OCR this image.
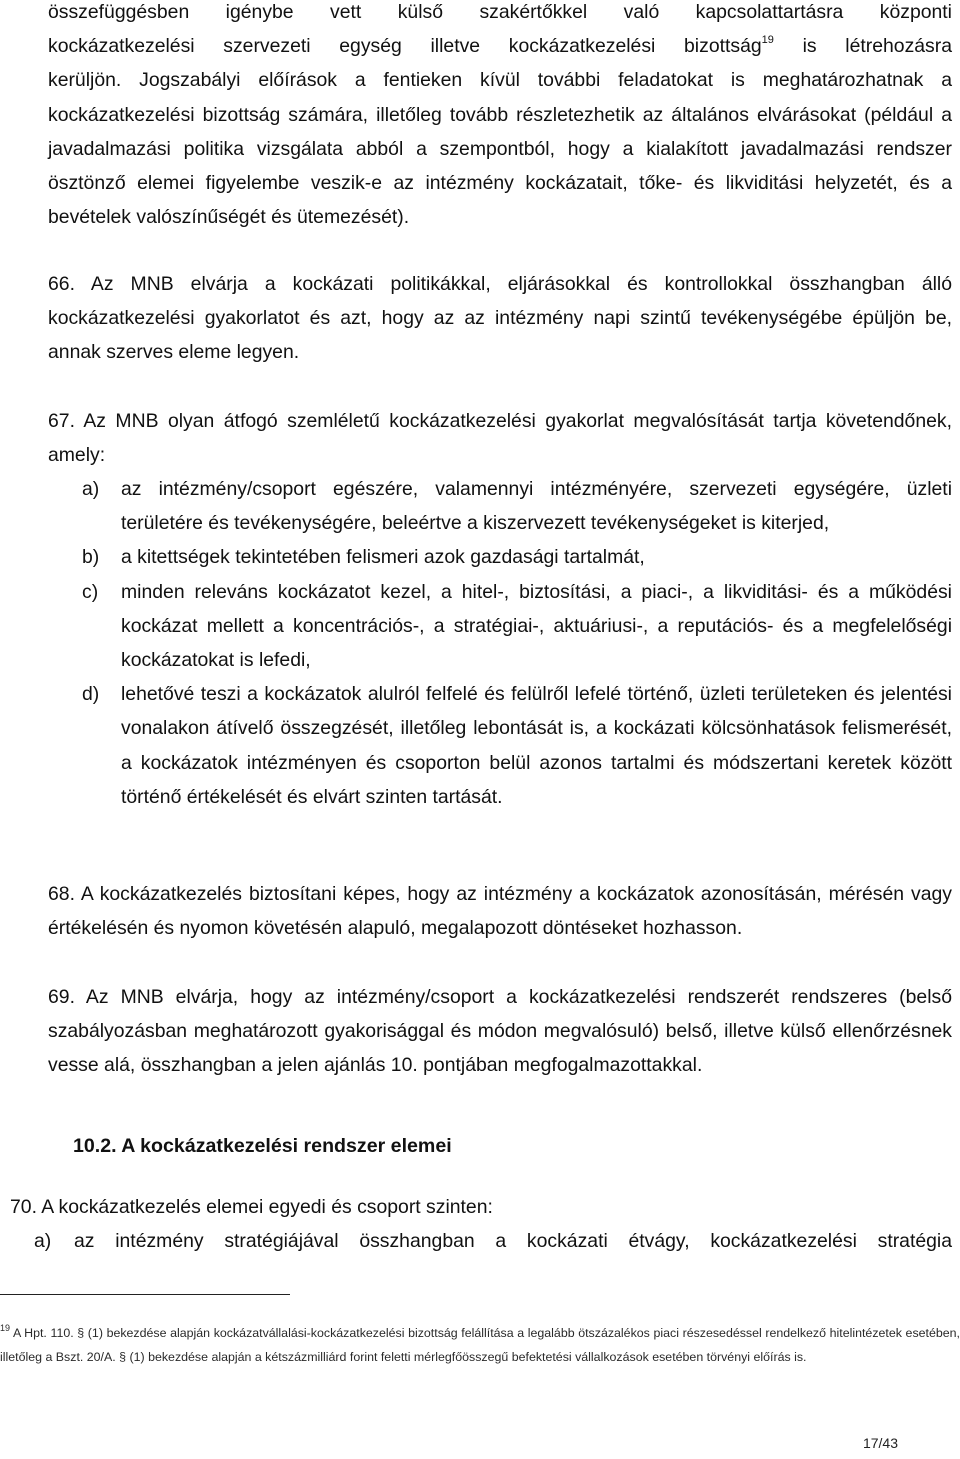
összefüggésben igénybe vett külső szakértőkkel való kapcsolattartásra központi
kockázatkezelési szervezeti egység illetve kockázatkezelési bizottság$^{19}$ is létrehozásra
kerüljön. Jogszabályi előírások a fentieken kívül további feladatokat is meghatározhatnak a kockázatkezelési bizottság számára, illetőleg tovább részletezhetik az általános elvárásokat (például a javadalmazási politika vizsgálata abból a szempontból, hogy a kialakított javadalmazási rendszer ösztönző elemei figyelembe veszik-e az intézmény kockázatait, tőke- és likviditási helyzetét, és a bevételek valószínűségét és ütemezését).
66. Az MNB elvárja a kockázati politikákkal, eljárásokkal és kontrollokkal összhangban álló kockázatkezelési gyakorlatot és azt, hogy az az intézmény napi szintű tevékenységébe épüljön be, annak szerves eleme legyen.
67. Az MNB olyan átfogó szemléletű kockázatkezelési gyakorlat megvalósítását tartja követendőnek, amely:
a) az intézmény/csoport egészére, valamennyi intézményére, szervezeti egységére, üzleti területére és tevékenységére, beleértve a kiszervezett tevékenységeket is kiterjed,
b) a kitettségek tekintetében felismeri azok gazdasági tartalmát,
c) minden releváns kockázatot kezel, a hitel-, biztosítási, a piaci-, a likviditási- és a működési kockázat mellett a koncentrációs-, a stratégiai-, aktuáriusi-, a reputációs- és a megfelelőségi kockázatokat is lefedi,
d) lehetővé teszi a kockázatok alulról felfelé és felülről lefelé történő, üzleti területeken és jelentési vonalakon átívelő összegzését, illetőleg lebontását is, a kockázati kölcsönhatások felismerését, a kockázatok intézményen és csoporton belül azonos tartalmi és módszertani keretek között történő értékelését és elvárt szinten tartását.
68. A kockázatkezelés biztosítani képes, hogy az intézmény a kockázatok azonosításán, mérésén vagy értékelésén és nyomon követésén alapuló, megalapozott döntéseket hozhasson.
69. Az MNB elvárja, hogy az intézmény/csoport a kockázatkezelési rendszerét rendszeres (belső szabályozásban meghatározott gyakorisággal és módon megvalósuló) belső, illetve külső ellenőrzésnek vesse alá, összhangban a jelen ajánlás 10. pontjában megfogalmazottakkal.
10.2. A kockázatkezelési rendszer elemei
70. A kockázatkezelés elemei egyedi és csoport szinten:
a) az intézmény stratégiájával összhangban a kockázati étvágy, kockázatkezelési stratégia
$^{19}$ A Hpt. 110. § (1) bekezdése alapján kockázatvállalási-kockázatkezelési bizottság felállítása a legalább ötszázalékos piaci részesedéssel rendelkező hitelintézetek esetében, illetőleg a Bszt. 20/A. § (1) bekezdése alapján a kétszázmilliárd forint feletti mérlegfőösszegű befektetési vállalkozások esetében törvényi előírás is.
17/43
